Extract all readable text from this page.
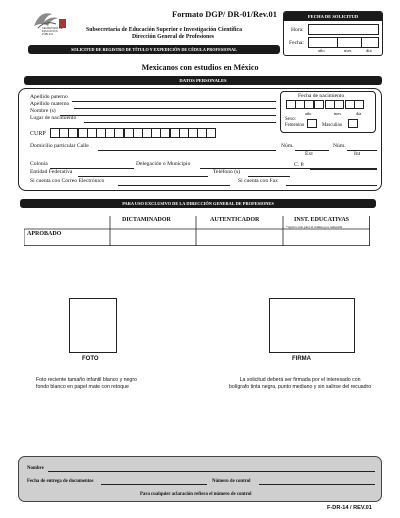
SECRETARÍA DE
EDUCACIÓN
PÚBLICA
Formato DGP/ DR-01/Rev.01
Subsecretaría de Educación Superior e Investigación Científica
Dirección General de Profesiones
SOLICITUD DE REGISTRO DE TÍTULO Y EXPEDICIÓN DE CÉDULA PROFESIONAL
FECHA DE SOLICITUD
Hora:
Fecha:
año	mes	día
Mexicanos con estudios en México
DATOS PERSONALES
Apellido paterno
Apellido materno
Nombre (s)
Lugar de nacimiento
Fecha de nacimiento
año	mes	día
Sexo:
Femenino	Masculino
CURP
Domicilio particular Calle	Núm.	Núm.
Ext	Int
Colonia	Delegación o Municipio
Entidad Federativa	Teléfono (s)
C. P.
Si cuenta con Correo Electrónico	Si cuenta con Fax
PARA USO EXCLUSIVO DE LA DIRECCIÓN GENERAL DE PROFESIONES
DICTAMINADOR	AUTENTICADOR	INST. EDUCATIVAS
*Aplica sólo para el trámite por remesilla
APROBADO
FOTO
Foto reciente tamaño infantil blanco y negro
fondo blanco en papel mate con retoque
FIRMA
La solicitud deberá ser firmada por el interesado con
bolígrafo tinta negra, punto mediano y sin salirse del recuadro
Nombre
Fecha de entrega de documentos	Número de control
Para cualquier aclaración refiera el número de control
F-DR-14 / REV.01
